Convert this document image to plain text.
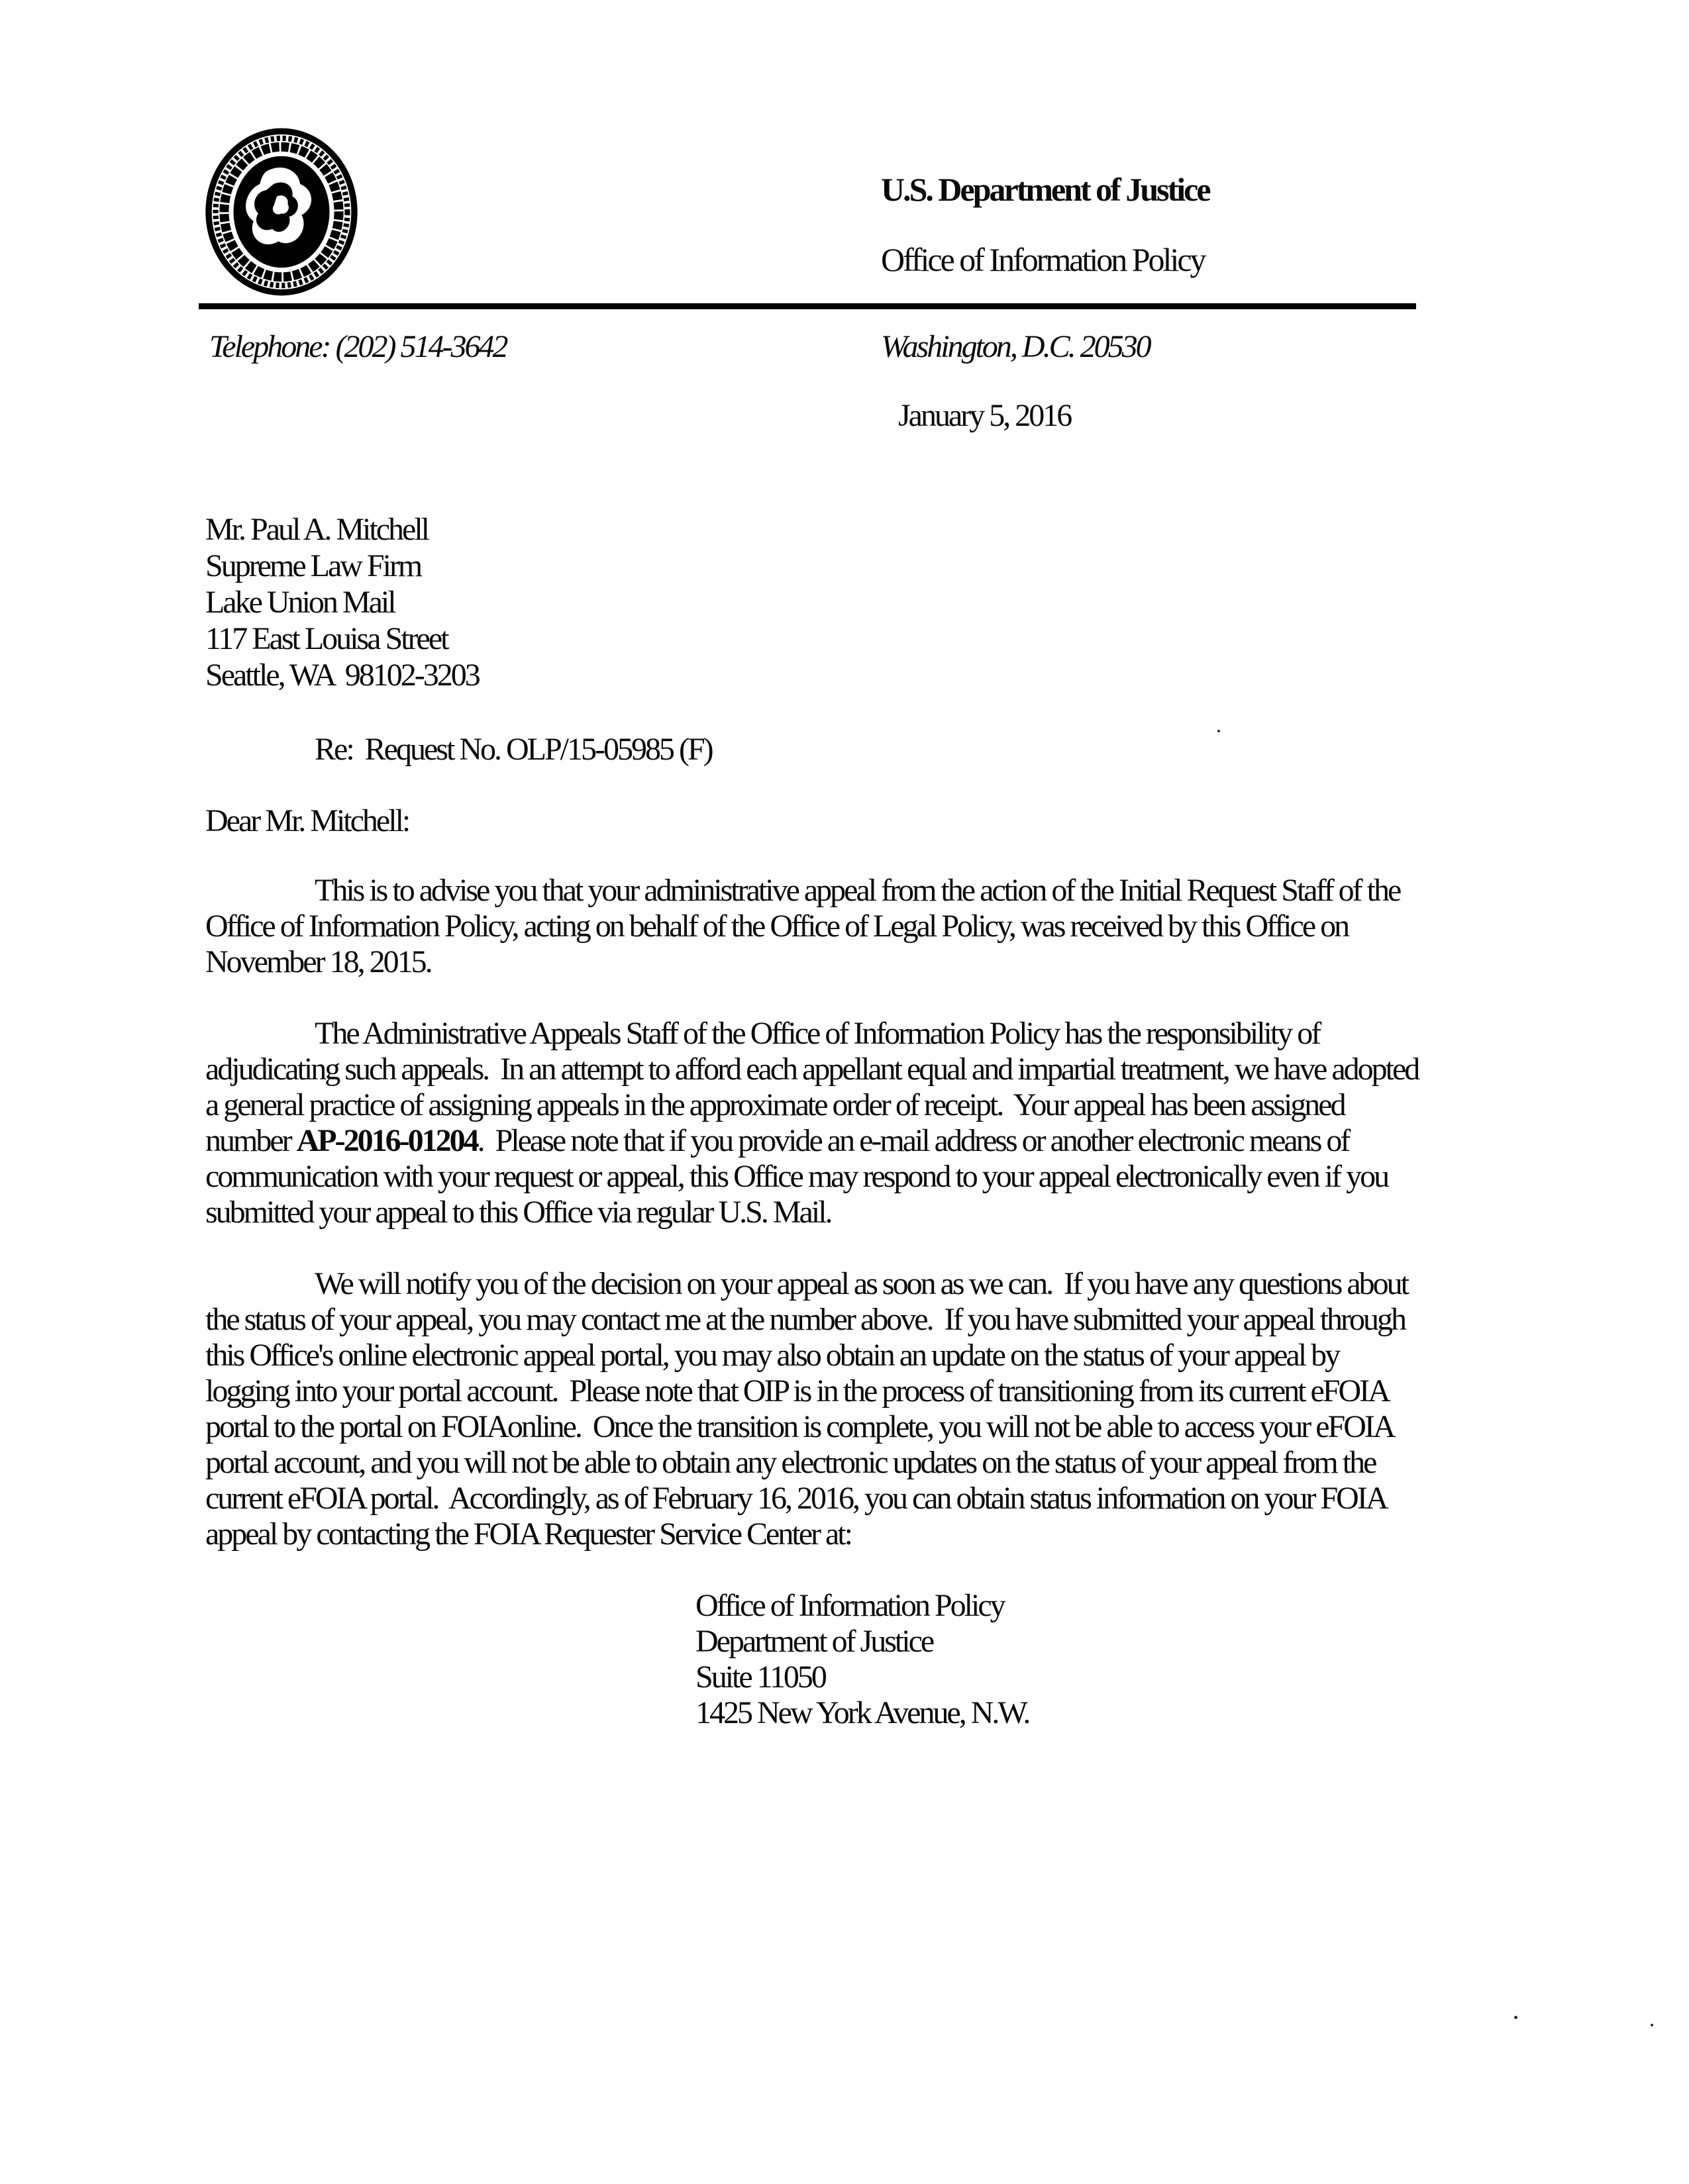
U.S. Department of Justice

Office of Information Policy

Telephone: (202) 514-3642	Washington, D.C. 20530
January 5, 2016
Mr. Paul A. Mitchell
Supreme Law Firm
Lake Union Mail
117 East Louisa Street
Seattle, WA  98102-3203
Re:  Request No. OLP/15-05985 (F)
Dear Mr. Mitchell:

This is to advise you that your administrative appeal from the action of the Initial Request Staff of the Office of Information Policy, acting on behalf of the Office of Legal Policy, was received by this Office on November 18, 2015.

The Administrative Appeals Staff of the Office of Information Policy has the responsibility of adjudicating such appeals.  In an attempt to afford each appellant equal and impartial treatment, we have adopted a general practice of assigning appeals in the approximate order of receipt.  Your appeal has been assigned number AP-2016-01204.  Please note that if you provide an e-mail address or another electronic means of communication with your request or appeal, this Office may respond to your appeal electronically even if you submitted your appeal to this Office via regular U.S. Mail.

We will notify you of the decision on your appeal as soon as we can.  If you have any questions about the status of your appeal, you may contact me at the number above.  If you have submitted your appeal through this Office's online electronic appeal portal, you may also obtain an update on the status of your appeal by logging into your portal account.  Please note that OIP is in the process of transitioning from its current eFOIA portal to the portal on FOIAonline.  Once the transition is complete, you will not be able to access your eFOIA portal account, and you will not be able to obtain any electronic updates on the status of your appeal from the current eFOIA portal.  Accordingly, as of February 16, 2016, you can obtain status information on your FOIA appeal by contacting the FOIA Requester Service Center at:

Office of Information Policy
Department of Justice
Suite 11050
1425 New York Avenue, N.W.
